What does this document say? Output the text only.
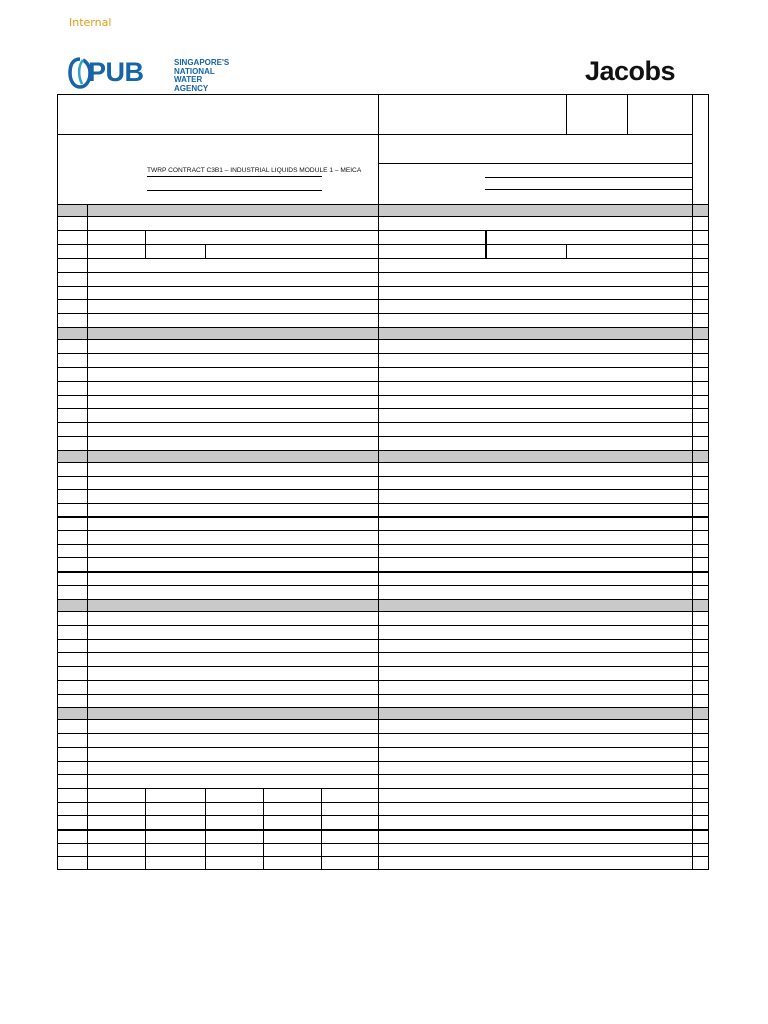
Internal
PUB	SINGAPORE'S
NATIONAL
WATER AGENCY
Jacobs
TWRP CONTRACT C3B1 – INDUSTRIAL LIQUIDS MODULE 1 – MEICA
